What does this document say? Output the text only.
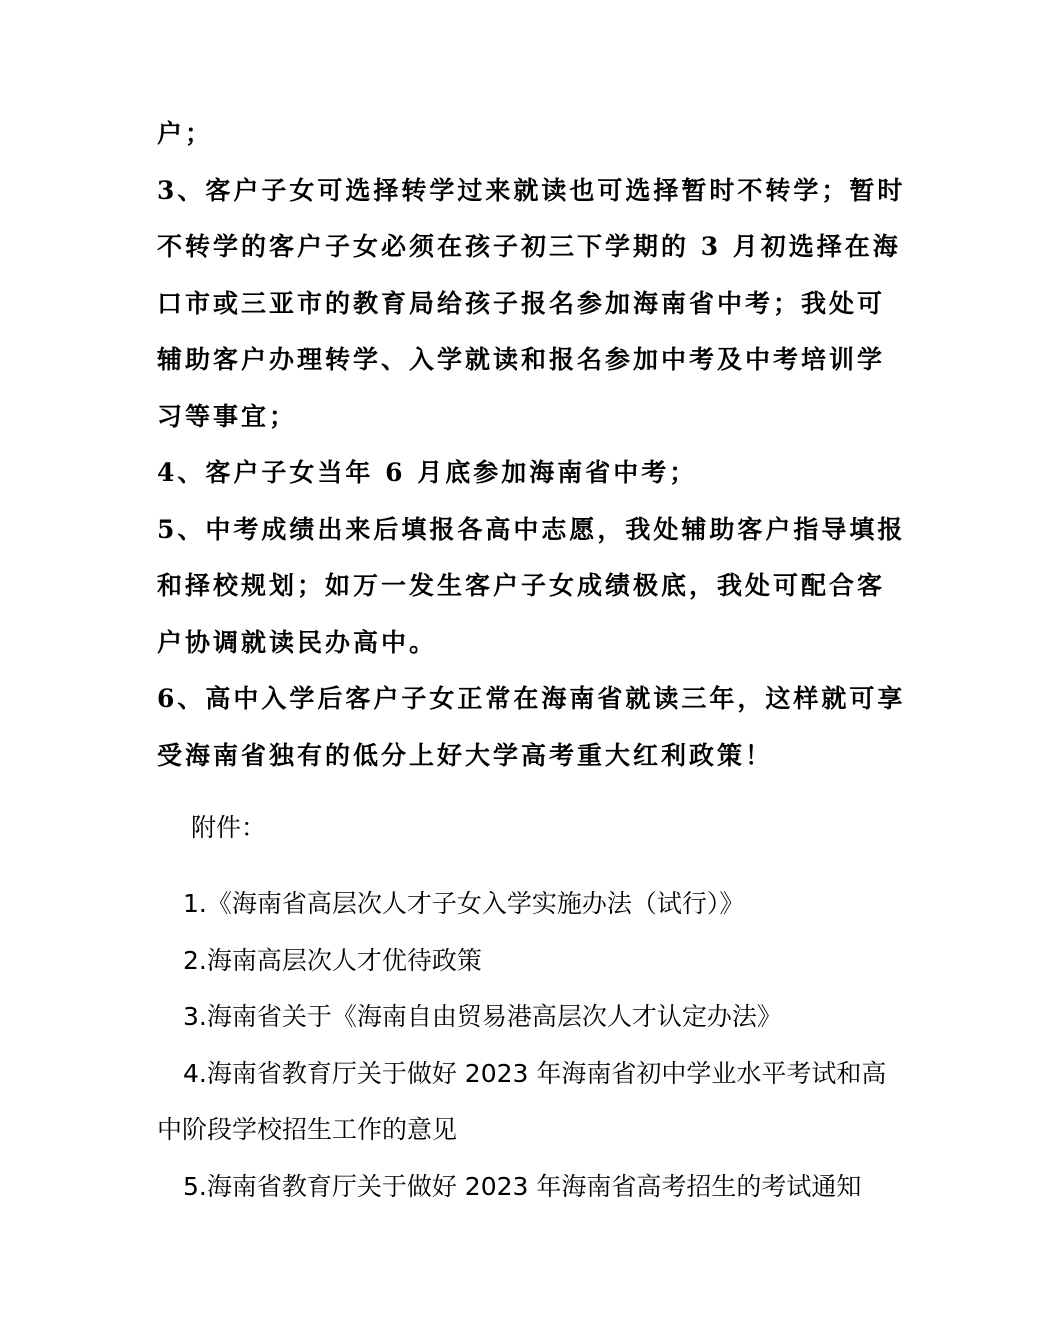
户；

3、客户子女可选择转学过来就读也可选择暂时不转学；暂时不转学的客户子女必须在孩子初三下学期的 3 月初选择在海口市或三亚市的教育局给孩子报名参加海南省中考；我处可辅助客户办理转学、入学就读和报名参加中考及中考培训学习等事宜；

4、客户子女当年 6 月底参加海南省中考；

5、中考成绩出来后填报各高中志愿，我处辅助客户指导填报和择校规划；如万一发生客户子女成绩极底，我处可配合客户协调就读民办高中。

6、高中入学后客户子女正常在海南省就读三年，这样就可享受海南省独有的低分上好大学高考重大红利政策！

附件：

1.《海南省高层次人才子女入学实施办法（试行）》

2.海南高层次人才优待政策

3.海南省关于《海南自由贸易港高层次人才认定办法》

4.海南省教育厅关于做好 2023 年海南省初中学业水平考试和高中阶段学校招生工作的意见

5.海南省教育厅关于做好 2023 年海南省高考招生的考试通知
